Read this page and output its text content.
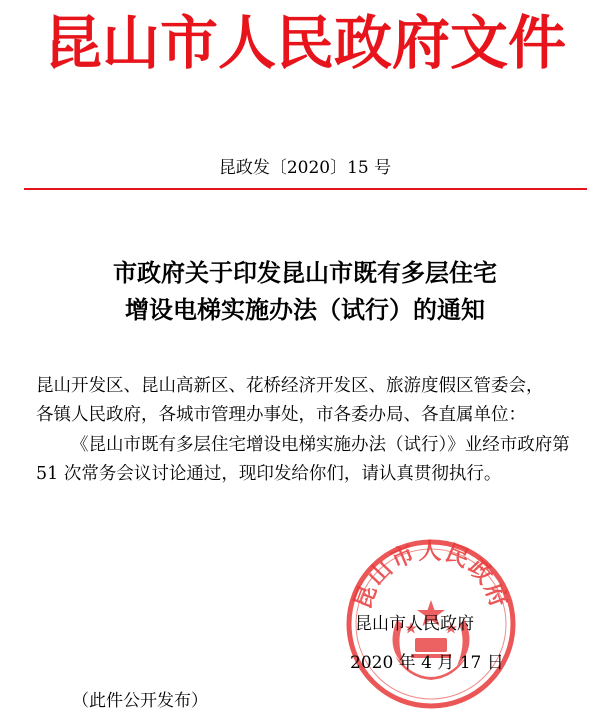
昆山市人民政府文件
昆政发〔2020〕15 号
市政府关于印发昆山市既有多层住宅
增设电梯实施办法（试行）的通知

昆山开发区、昆山高新区、花桥经济开发区、旅游度假区管委会，

各镇人民政府，各城市管理办事处，市各委办局、各直属单位：

《昆山市既有多层住宅增设电梯实施办法（试行）》业经市政府第 51 次常务会议讨论通过，现印发给你们，请认真贯彻执行。

昆山市人民政府
昆山市人民政府
2020 年 4 月 17 日
（此件公开发布）
